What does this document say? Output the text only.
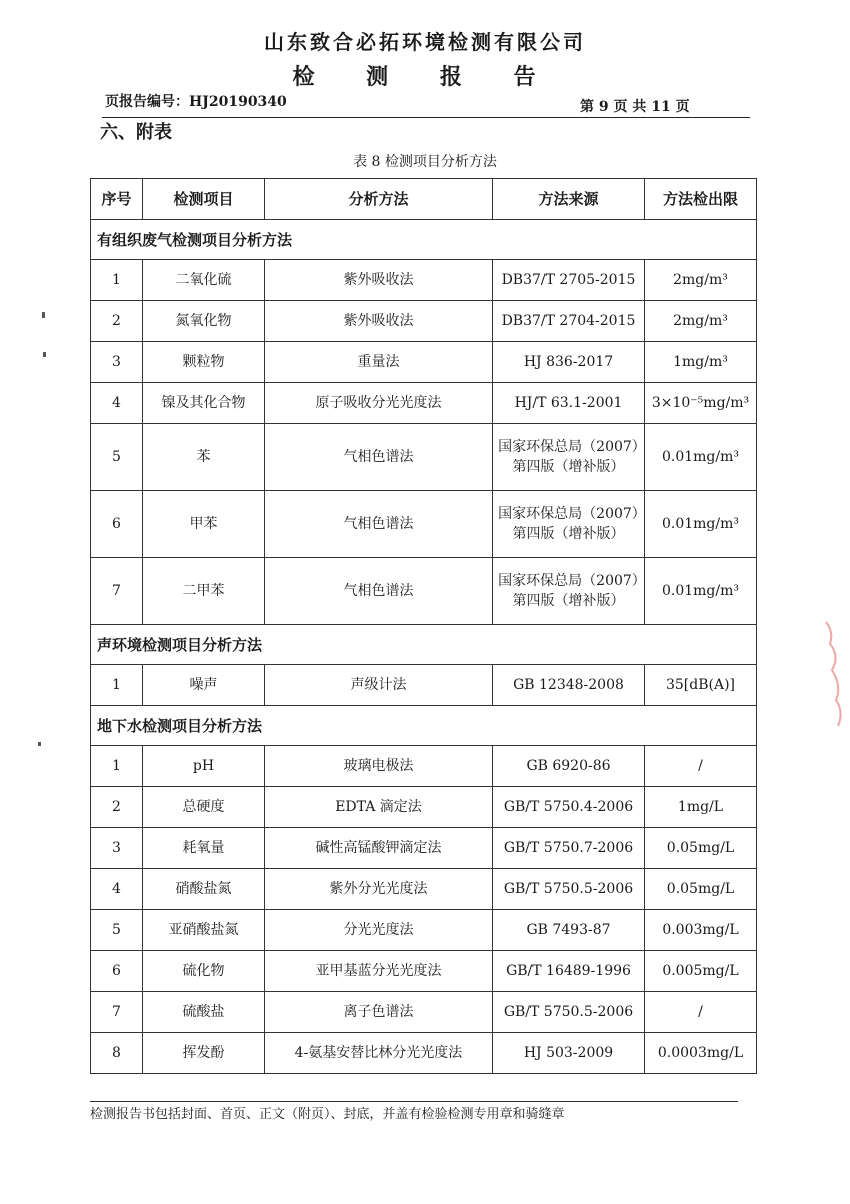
山东致合必拓环境检测有限公司
检 测 报 告
页报告编号：HJ20190340	第 9 页 共 11 页
六、附表
表 8 检测项目分析方法
序号	检测项目	分析方法	方法来源	方法检出限
有组织废气检测项目分析方法				
1	二氧化硫	紫外吸收法	DB37/T 2705-2015	2mg/m³
2	氮氧化物	紫外吸收法	DB37/T 2704-2015	2mg/m³
3	颗粒物	重量法	HJ 836-2017	1mg/m³
4	镍及其化合物	原子吸收分光光度法	HJ/T 63.1-2001	3×10⁻⁵mg/m³
5	苯	气相色谱法	国家环保总局（2007）第四版（增补版）	0.01mg/m³
6	甲苯	气相色谱法	国家环保总局（2007）第四版（增补版）	0.01mg/m³
7	二甲苯	气相色谱法	国家环保总局（2007）第四版（增补版）	0.01mg/m³
声环境检测项目分析方法				
1	噪声	声级计法	GB 12348-2008	35[dB(A)]
地下水检测项目分析方法				
1	pH	玻璃电极法	GB 6920-86	/
2	总硬度	EDTA 滴定法	GB/T 5750.4-2006	1mg/L
3	耗氧量	碱性高锰酸钾滴定法	GB/T 5750.7-2006	0.05mg/L
4	硝酸盐氮	紫外分光光度法	GB/T 5750.5-2006	0.05mg/L
5	亚硝酸盐氮	分光光度法	GB 7493-87	0.003mg/L
6	硫化物	亚甲基蓝分光光度法	GB/T 16489-1996	0.005mg/L
7	硫酸盐	离子色谱法	GB/T 5750.5-2006	/
8	挥发酚	4-氨基安替比林分光光度法	HJ 503-2009	0.0003mg/L
检测报告书包括封面、首页、正文（附页）、封底，并盖有检验检测专用章和骑缝章
